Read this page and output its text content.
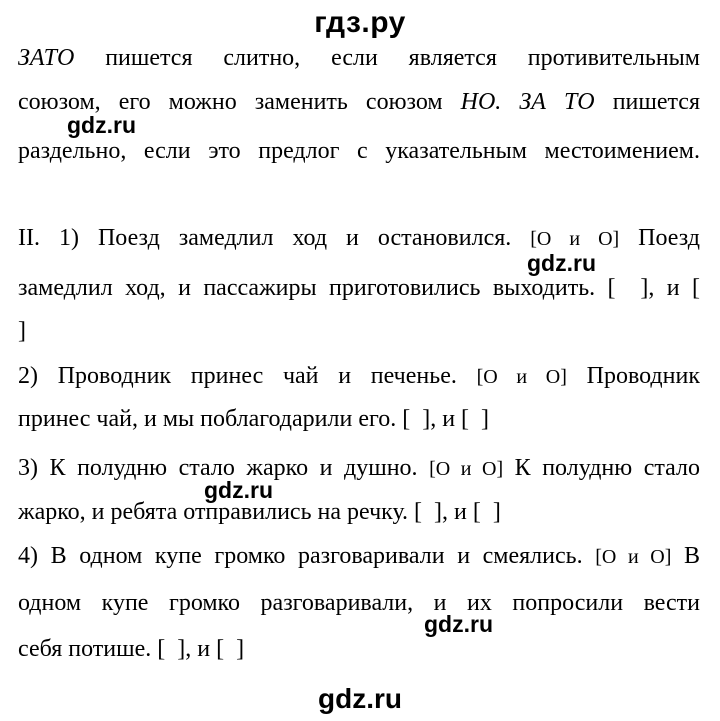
гдз.ру
ЗАТО пишется слитно, если является противительным
союзом, его можно заменить союзом НО. ЗА ТО пишется
раздельно, если это предлог с указательным местоимением.
II. 1) Поезд замедлил ход и остановился. [О и О] Поезд
замедлил ход, и пассажиры приготовились выходить. [  ], и [
]
2) Проводник принес чай и печенье. [О и О] Проводник
принес чай, и мы поблагодарили его. [  ], и [  ]
3) К полудню стало жарко и душно. [О и О] К полудню стало
жарко, и ребята отправились на речку. [  ], и [  ]
4) В одном купе громко разговаривали и смеялись. [О и О] В
одном купе громко разговаривали, и их попросили вести
себя потише. [  ], и [  ]
gdz.ru
gdz.ru
gdz.ru
gdz.ru
gdz.ru
